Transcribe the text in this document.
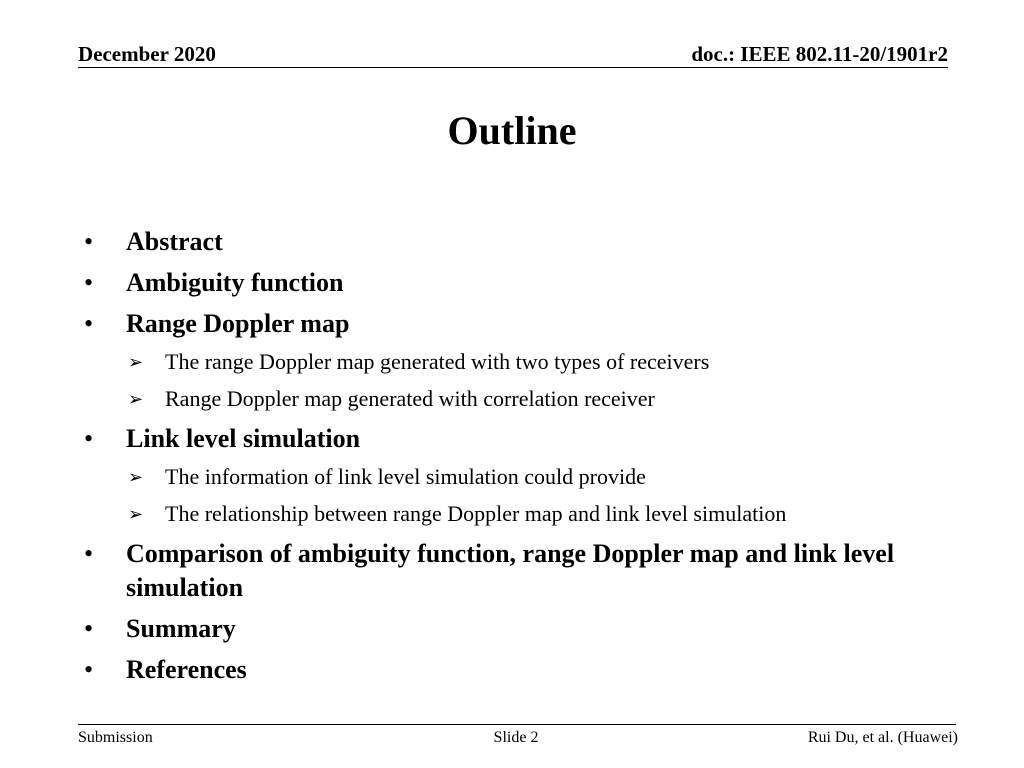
December 2020	doc.: IEEE 802.11-20/1901r2
Outline
•	Abstract
•	Ambiguity function
•	Range Doppler map
➢ The range Doppler map generated with two types of receivers
➢ Range Doppler map generated with correlation receiver
•	Link level simulation
➢ The information of link level simulation could provide
➢ The relationship between range Doppler map and link level simulation
•	Comparison of ambiguity function, range Doppler map and link level simulation
•	Summary
•	References
Submission	Slide 2	Rui Du, et al. (Huawei)
